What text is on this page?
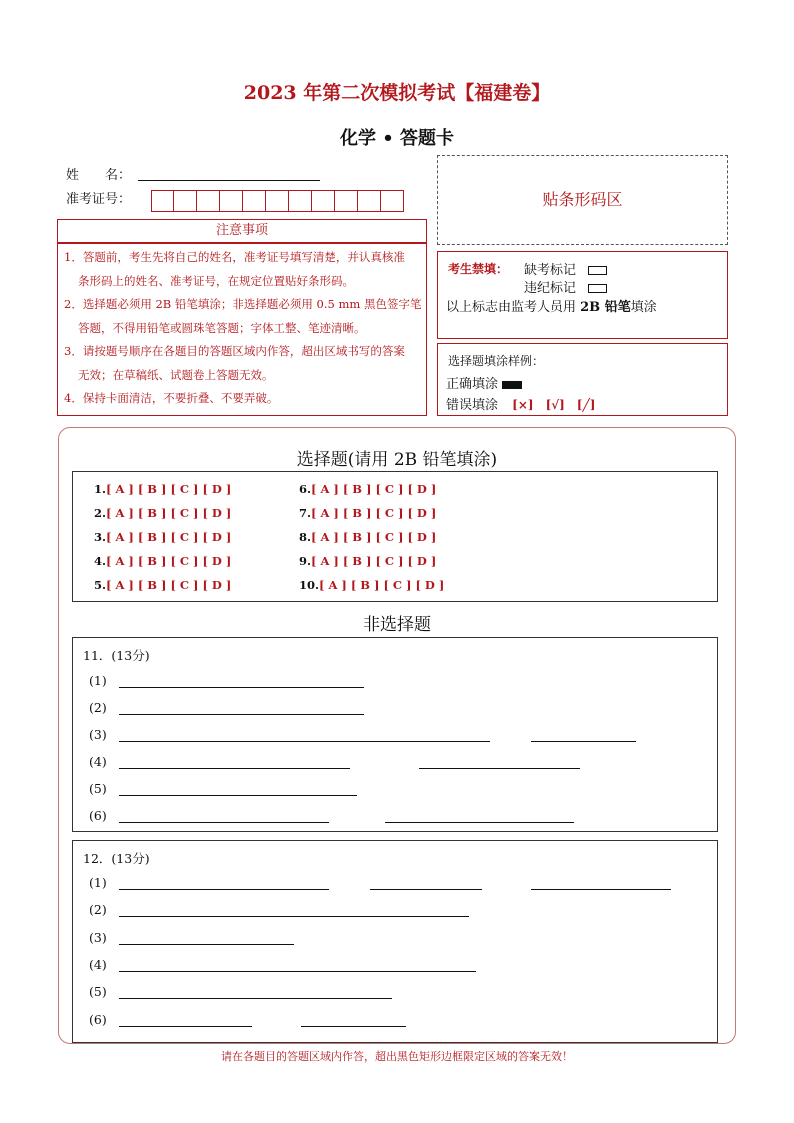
2023 年第二次模拟考试【福建卷】
化学 • 答题卡
姓　　名：
准考证号：	贴条形码区
注意事项

1．答题前，考生先将自己的姓名，准考证号填写清楚，并认真核准

条形码上的姓名、准考证号，在规定位置贴好条形码。

2．选择题必须用 2B 铅笔填涂；非选择题必须用 0.5 mm 黑色签字笔

答题，不得用铅笔或圆珠笔答题；字体工整、笔迹清晰。

3．请按题号顺序在各题目的答题区域内作答，超出区域书写的答案

无效；在草稿纸、试题卷上答题无效。

4．保持卡面清洁，不要折叠、不要弄破。

考生禁填： 缺考标记
违纪标记
以上标志由监考人员用 2B 铅笔填涂
选择题填涂样例：
正确填涂
错误填涂 [×]　[√]　[╱]
选择题(请用 2B 铅笔填涂)
1.[ A ] [ B ] [ C ] [ D ]
2.[ A ] [ B ] [ C ] [ D ]
3.[ A ] [ B ] [ C ] [ D ]
4.[ A ] [ B ] [ C ] [ D ]
5.[ A ] [ B ] [ C ] [ D ]
6.[ A ] [ B ] [ C ] [ D ]
7.[ A ] [ B ] [ C ] [ D ]
8.[ A ] [ B ] [ C ] [ D ]
9.[ A ] [ B ] [ C ] [ D ]
10.[ A ] [ B ] [ C ] [ D ]
非选择题
11．(13分)
(1)
(2)
(3)
(4)
(5)
(6)
12．(13分)
(1)
(2)
(3)
(4)
(5)
(6)
请在各题目的答题区域内作答，超出黑色矩形边框限定区域的答案无效！
